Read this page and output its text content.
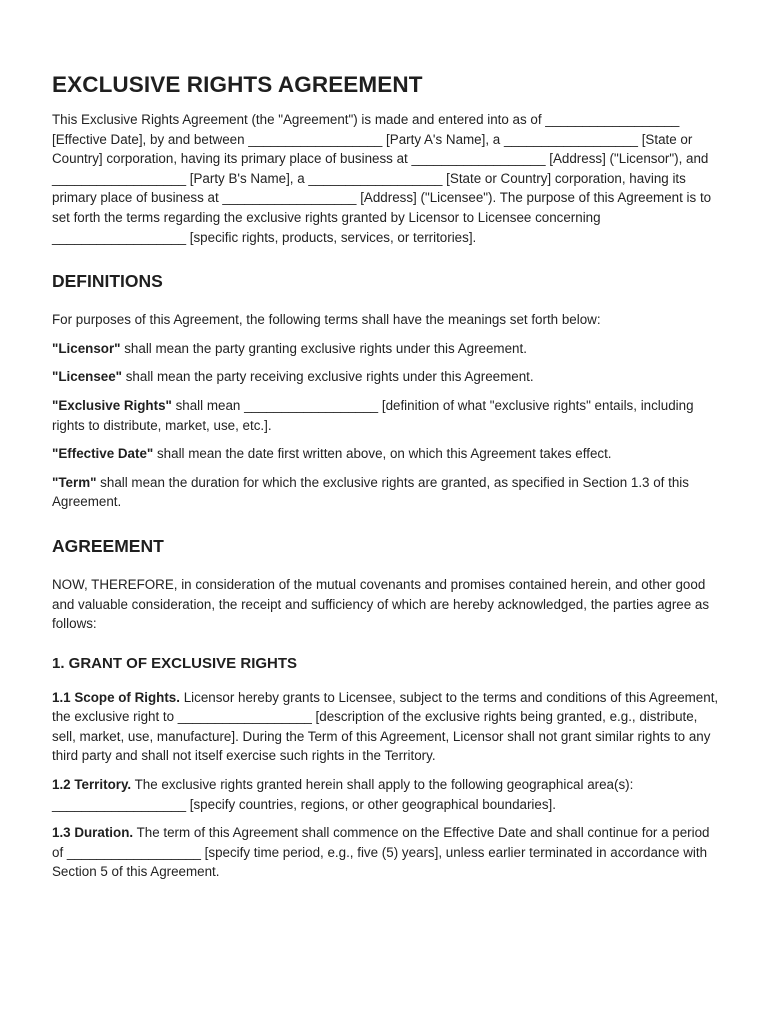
EXCLUSIVE RIGHTS AGREEMENT

This Exclusive Rights Agreement (the "Agreement") is made and entered into as of __________________ [Effective Date], by and between __________________ [Party A's Name], a __________________ [State or Country] corporation, having its primary place of business at __________________ [Address] ("Licensor"), and __________________ [Party B's Name], a __________________ [State or Country] corporation, having its primary place of business at __________________ [Address] ("Licensee"). The purpose of this Agreement is to set forth the terms regarding the exclusive rights granted by Licensor to Licensee concerning __________________ [specific rights, products, services, or territories].

DEFINITIONS

For purposes of this Agreement, the following terms shall have the meanings set forth below:

"Licensor" shall mean the party granting exclusive rights under this Agreement.

"Licensee" shall mean the party receiving exclusive rights under this Agreement.

"Exclusive Rights" shall mean __________________ [definition of what "exclusive rights" entails, including rights to distribute, market, use, etc.].

"Effective Date" shall mean the date first written above, on which this Agreement takes effect.

"Term" shall mean the duration for which the exclusive rights are granted, as specified in Section 1.3 of this Agreement.

AGREEMENT

NOW, THEREFORE, in consideration of the mutual covenants and promises contained herein, and other good and valuable consideration, the receipt and sufficiency of which are hereby acknowledged, the parties agree as follows:

1. GRANT OF EXCLUSIVE RIGHTS

1.1 Scope of Rights. Licensor hereby grants to Licensee, subject to the terms and conditions of this Agreement, the exclusive right to __________________ [description of the exclusive rights being granted, e.g., distribute, sell, market, use, manufacture]. During the Term of this Agreement, Licensor shall not grant similar rights to any third party and shall not itself exercise such rights in the Territory.

1.2 Territory. The exclusive rights granted herein shall apply to the following geographical area(s): __________________ [specify countries, regions, or other geographical boundaries].

1.3 Duration. The term of this Agreement shall commence on the Effective Date and shall continue for a period of __________________ [specify time period, e.g., five (5) years], unless earlier terminated in accordance with Section 5 of this Agreement.
